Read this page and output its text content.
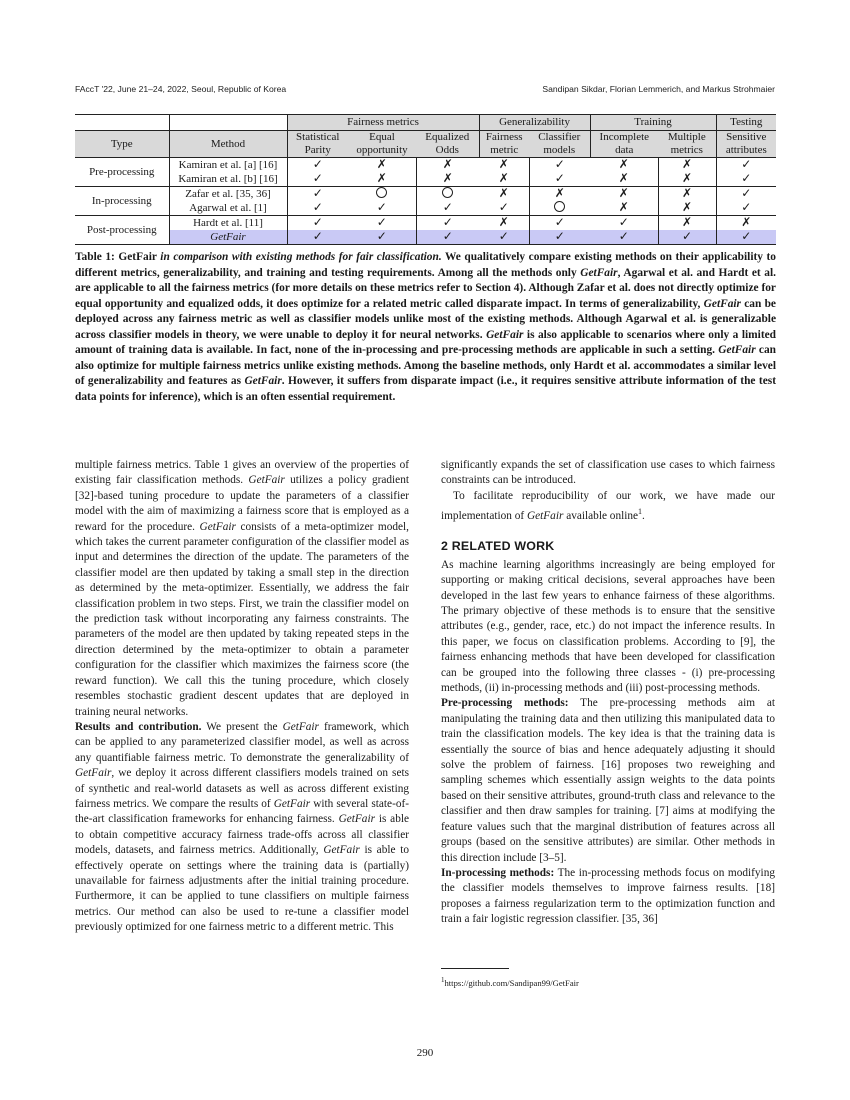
FAccT '22, June 21–24, 2022, Seoul, Republic of Korea	Sandipan Sikdar, Florian Lemmerich, and Markus Strohmaier
		Fairness metrics			Generalizability		Training		Testing
Type	Method	Statistical	Equal	Equalized	Fairness	Classifier	Incomplete	Multiple	Sensitive
		Parity	opportunity	Odds	metric	models	data	metrics	attributes
Pre-processing	Kamiran et al. [a] [16]	✓	✗	✗	✗	✓	✗	✗	✓
	Kamiran et al. [b] [16]	✓	✗	✗	✗	✓	✗	✗	✓
In-processing	Zafar et al. [35, 36]	✓			✗	✗	✗	✗	✓
	Agarwal et al. [1]	✓	✓	✓	✓		✗	✗	✓
Post-processing	Hardt et al. [11]	✓	✓	✓	✗	✓	✓	✗	✗
	GetFair	✓	✓	✓	✓	✓	✓	✓	✓
Table 1: GetFair in comparison with existing methods for fair classification. We qualitatively compare existing methods on their applicability to different metrics, generalizability, and training and testing requirements. Among all the methods only GetFair, Agarwal et al. and Hardt et al. are applicable to all the fairness metrics (for more details on these metrics refer to Section 4). Although Zafar et al. does not directly optimize for equal opportunity and equalized odds, it does optimize for a related metric called disparate impact. In terms of generalizability, GetFair can be deployed across any fairness metric as well as classifier models unlike most of the existing methods. Although Agarwal et al. is generalizable across classifier models in theory, we were unable to deploy it for neural networks. GetFair is also applicable to scenarios where only a limited amount of training data is available. In fact, none of the in-processing and pre-processing methods are applicable in such a setting. GetFair can also optimize for multiple fairness metrics unlike existing methods. Among the baseline methods, only Hardt et al. accommodates a similar level of generalizability and features as GetFair. However, it suffers from disparate impact (i.e., it requires sensitive attribute information of the test data points for inference), which is an often essential requirement.

multiple fairness metrics. Table 1 gives an overview of the properties of existing fair classification methods. GetFair utilizes a policy gradient [32]-based tuning procedure to update the parameters of a classifier model with the aim of maximizing a fairness score that is employed as a reward for the procedure. GetFair consists of a meta-optimizer model, which takes the current parameter configuration of the classifier model as input and determines the direction of the update. The parameters of the classifier model are then updated by taking a small step in the direction as determined by the meta-optimizer. Essentially, we address the fair classification problem in two steps. First, we train the classifier model on the prediction task without incorporating any fairness constraints. The parameters of the model are then updated by taking repeated steps in the direction determined by the meta-optimizer to obtain a parameter configuration for the classifier which maximizes the fairness score (the reward function). We call this the tuning procedure, which closely resembles stochastic gradient descent updates that are deployed in training neural networks.

Results and contribution. We present the GetFair framework, which can be applied to any parameterized classifier model, as well as across any quantifiable fairness metric. To demonstrate the generalizability of GetFair, we deploy it across different classifiers models trained on sets of synthetic and real-world datasets as well as across different existing fairness metrics. We compare the results of GetFair with several state-of-the-art classification frameworks for enhancing fairness. GetFair is able to obtain competitive accuracy fairness trade-offs across all classifier models, datasets, and fairness metrics. Additionally, GetFair is able to effectively operate on settings where the training data is (partially) unavailable for fairness adjustments after the initial training procedure. Furthermore, it can be applied to tune classifiers on multiple fairness metrics. Our method can also be used to re-tune a classifier model previously optimized for one fairness metric to a different metric. This

significantly expands the set of classification use cases to which fairness constraints can be introduced.

To facilitate reproducibility of our work, we have made our implementation of GetFair available online$^1$.

2 RELATED WORK

As machine learning algorithms increasingly are being employed for supporting or making critical decisions, several approaches have been developed in the last few years to enhance fairness of these algorithms. The primary objective of these methods is to ensure that the sensitive attributes (e.g., gender, race, etc.) do not impact the inference results. In this paper, we focus on classification problems. According to [9], the fairness enhancing methods that have been developed for classification can be grouped into the following three classes - (i) pre-processing methods, (ii) in-processing methods and (iii) post-processing methods.

Pre-processing methods: The pre-processing methods aim at manipulating the training data and then utilizing this manipulated data to train the classification models. The key idea is that the training data is essentially the source of bias and hence adequately adjusting it should solve the problem of fairness. [16] proposes two reweighing and sampling schemes which essentially assign weights to the data points based on their sensitive attributes, ground-truth class and relevance to the classifier and then draw samples for training. [7] aims at modifying the feature values such that the marginal distribution of features across all groups (based on the sensitive attributes) are similar. Other methods in this direction include [3–5].

In-processing methods: The in-processing methods focus on modifying the classifier models themselves to improve fairness results. [18] proposes a fairness regularization term to the optimization function and train a fair logistic regression classifier. [35, 36]

$^1$https://github.com/Sandipan99/GetFair
290
